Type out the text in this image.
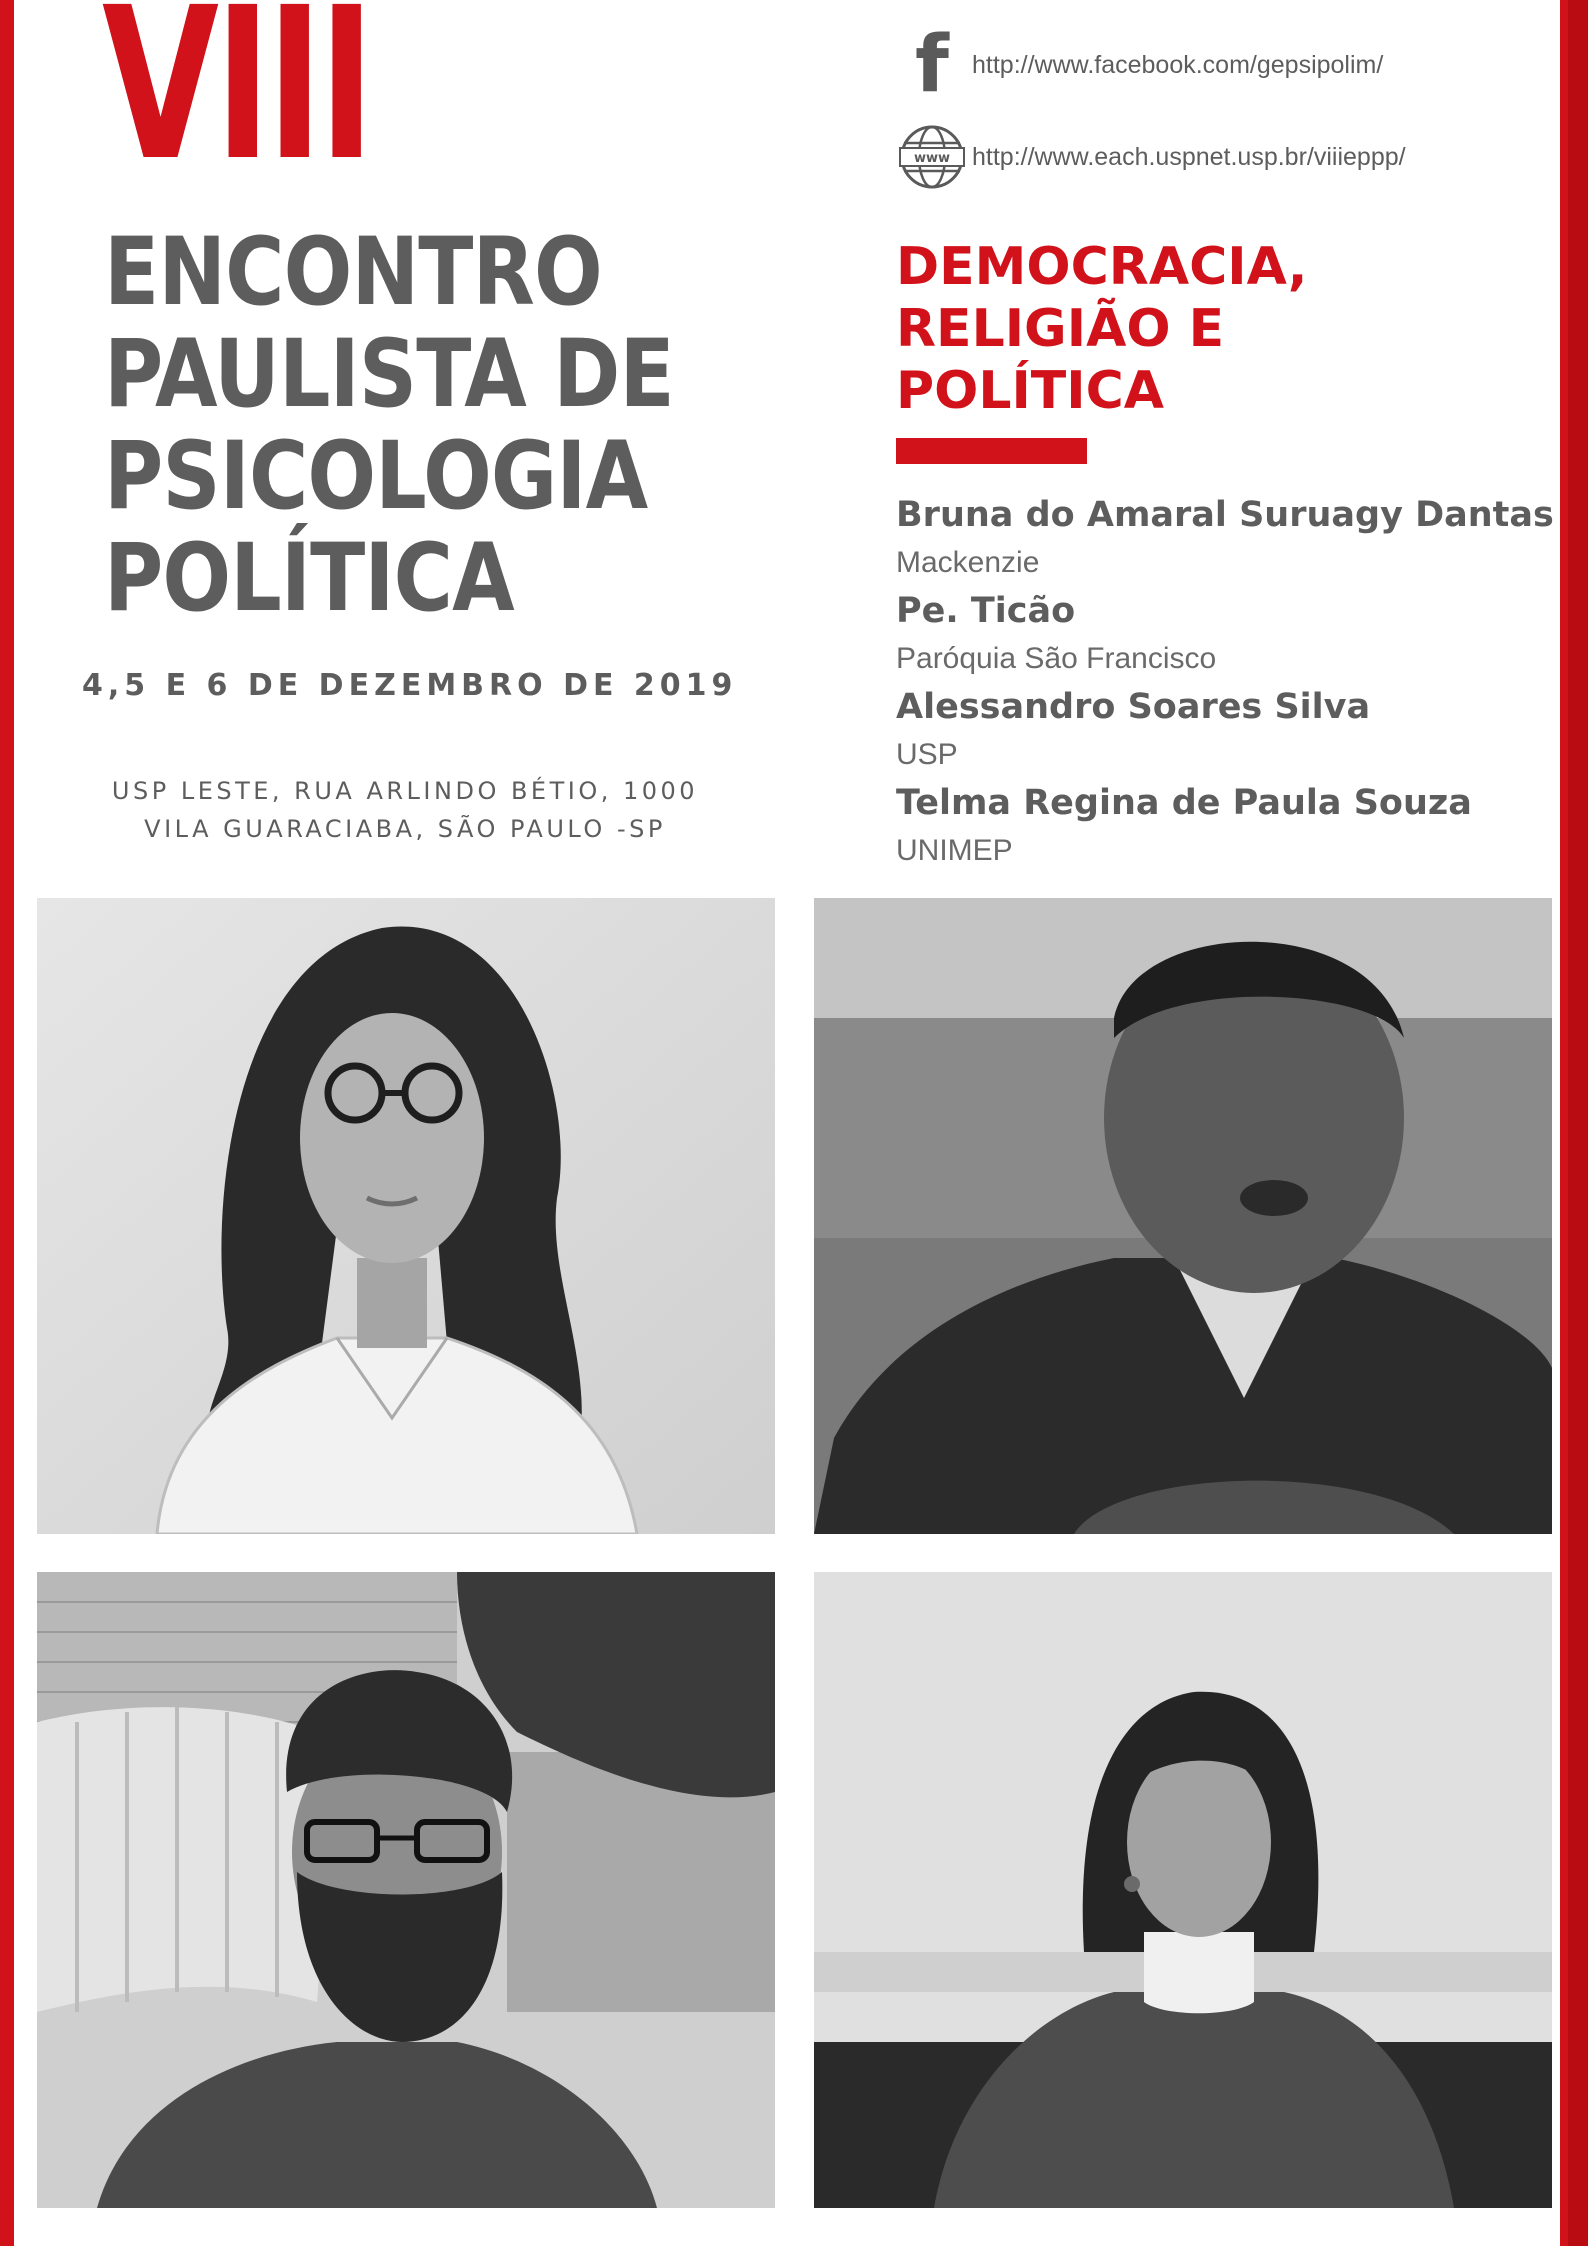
VIII
ENCONTRO
PAULISTA DE
PSICOLOGIA
POLÍTICA
4,5 E 6 DE DEZEMBRO DE 2019
USP LESTE, RUA ARLINDO BÉTIO, 1000
VILA GUARACIABA, SÃO PAULO -SP
f http://www.facebook.com/gepsipolim/
www http://www.each.uspnet.usp.br/viiieppp/
DEMOCRACIA,
RELIGIÃO E
POLÍTICA
Bruna do Amaral Suruagy Dantas
Mackenzie
Pe. Ticão
Paróquia São Francisco
Alessandro Soares Silva
USP
Telma Regina de Paula Souza
UNIMEP
